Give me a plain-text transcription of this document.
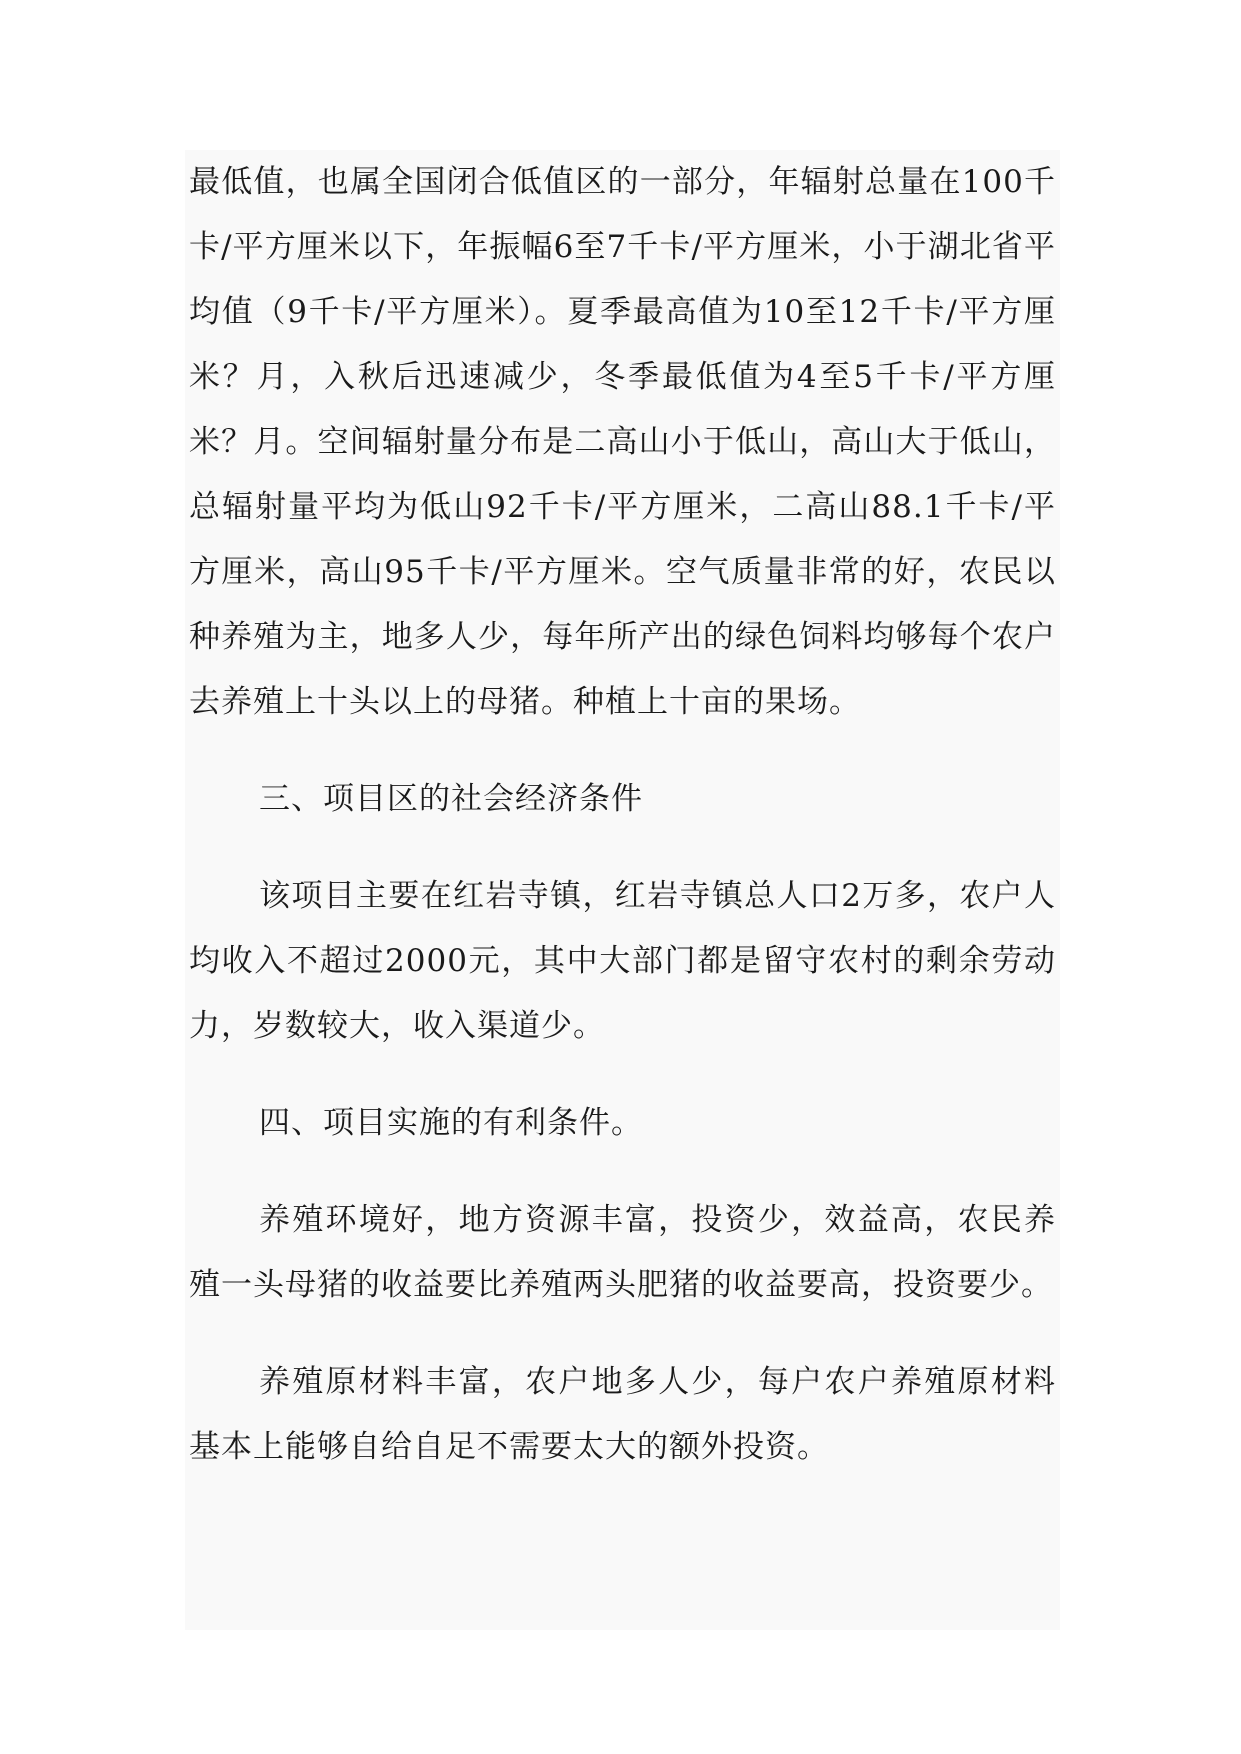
最低值，也属全国闭合低值区的一部分，年辐射总量在100千卡/平方厘米以下，年振幅6至7千卡/平方厘米，小于湖北省平均值（9千卡/平方厘米）。夏季最高值为10至12千卡/平方厘米？月，入秋后迅速减少，冬季最低值为4至5千卡/平方厘米？月。空间辐射量分布是二高山小于低山，高山大于低山，总辐射量平均为低山92千卡/平方厘米，二高山88.1千卡/平方厘米，高山95千卡/平方厘米。空气质量非常的好，农民以种养殖为主，地多人少，每年所产出的绿色饲料均够每个农户去养殖上十头以上的母猪。种植上十亩的果场。

三、项目区的社会经济条件

该项目主要在红岩寺镇，红岩寺镇总人口2万多，农户人均收入不超过2000元，其中大部门都是留守农村的剩余劳动力，岁数较大，收入渠道少。

四、项目实施的有利条件。

养殖环境好，地方资源丰富，投资少，效益高，农民养殖一头母猪的收益要比养殖两头肥猪的收益要高，投资要少。

养殖原材料丰富，农户地多人少，每户农户养殖原材料基本上能够自给自足不需要太大的额外投资。
